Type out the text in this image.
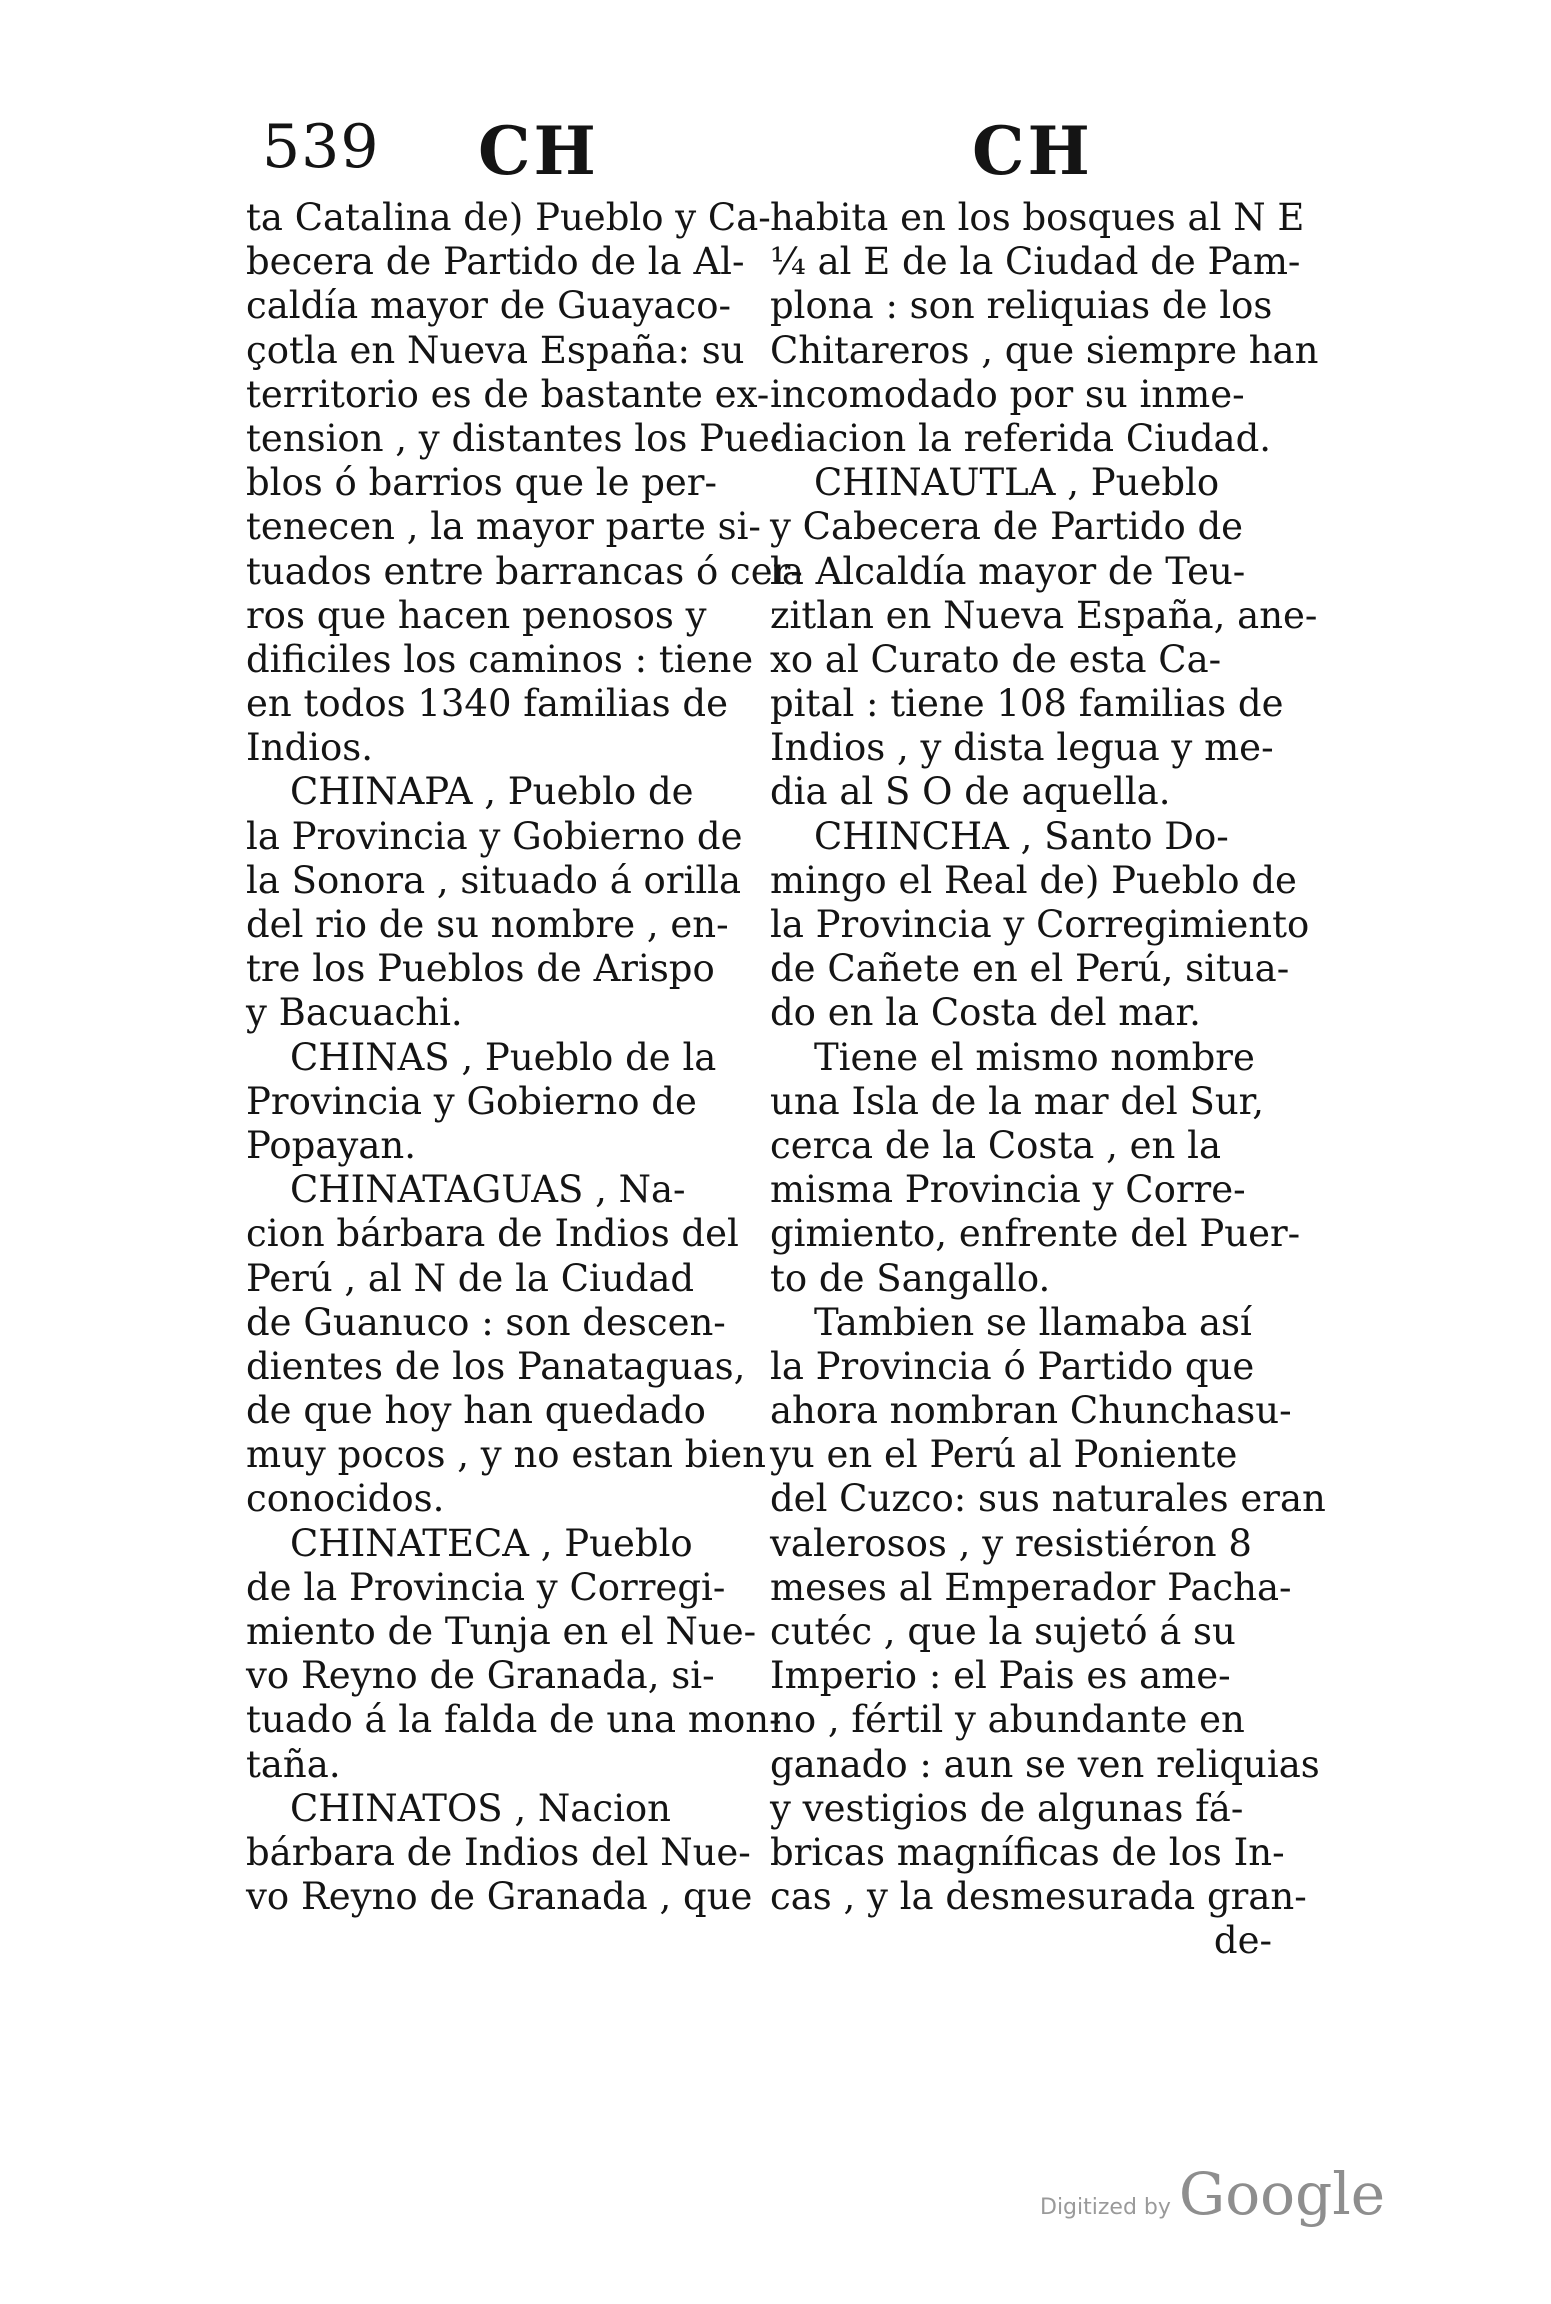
539 CH	CH
ta Catalina de) Pueblo y Ca-
becera de Partido de la Al-
caldía mayor de Guayaco-
çotla en Nueva España: su
territorio es de bastante ex-
tension , y distantes los Pue-
blos ó barrios que le per-
tenecen , la mayor parte si-
tuados entre barrancas ó cer-
ros que hacen penosos y
dificiles los caminos : tiene
en todos 1340 familias de
Indios.
CHINAPA , Pueblo de
la Provincia y Gobierno de
la Sonora , situado á orilla
del rio de su nombre , en-
tre los Pueblos de Arispo
y Bacuachi.
CHINAS , Pueblo de la
Provincia y Gobierno de
Popayan.
CHINATAGUAS , Na-
cion bárbara de Indios del
Perú , al N de la Ciudad
de Guanuco : son descen-
dientes de los Panataguas,
de que hoy han quedado
muy pocos , y no estan bien
conocidos.
CHINATECA , Pueblo
de la Provincia y Corregi-
miento de Tunja en el Nue-
vo Reyno de Granada, si-
tuado á la falda de una mon-
taña.
CHINATOS , Nacion
bárbara de Indios del Nue-
vo Reyno de Granada , que
habita en los bosques al N E
¼ al E de la Ciudad de Pam-
plona : son reliquias de los
Chitareros , que siempre han
incomodado por su inme-
diacion la referida Ciudad.
CHINAUTLA , Pueblo
y Cabecera de Partido de
la Alcaldía mayor de Teu-
zitlan en Nueva España, ane-
xo al Curato de esta Ca-
pital : tiene 108 familias de
Indios , y dista legua y me-
dia al S O de aquella.
CHINCHA , Santo Do-
mingo el Real de) Pueblo de
la Provincia y Corregimiento
de Cañete en el Perú, situa-
do en la Costa del mar.
Tiene el mismo nombre
una Isla de la mar del Sur,
cerca de la Costa , en la
misma Provincia y Corre-
gimiento, enfrente del Puer-
to de Sangallo.
Tambien se llamaba así
la Provincia ó Partido que
ahora nombran Chunchasu-
yu en el Perú al Poniente
del Cuzco: sus naturales eran
valerosos , y resistiéron 8
meses al Emperador Pacha-
cutéc , que la sujetó á su
Imperio : el Pais es ame-
no , fértil y abundante en
ganado : aun se ven reliquias
y vestigios de algunas fá-
bricas magníficas de los In-
cas , y la desmesurada gran-
de-
Digitized by Google
